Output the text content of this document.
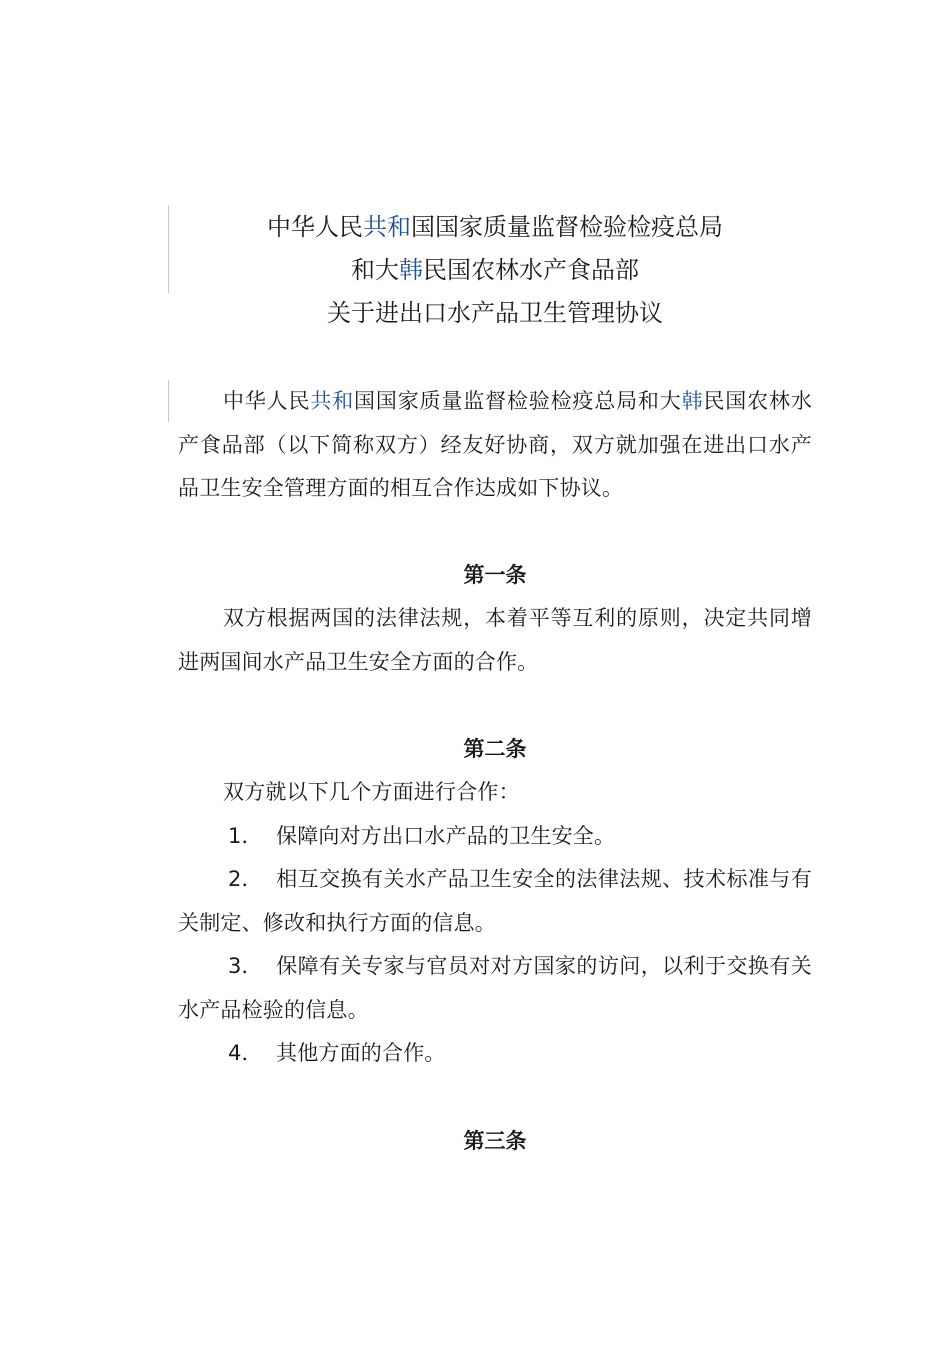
中华人民共和国国家质量监督检验检疫总局
和大韩民国农林水产食品部
关于进出口水产品卫生管理协议

中华人民共和国国家质量监督检验检疫总局和大韩民国农林水产食品部（以下简称双方）经友好协商，双方就加强在进出口水产品卫生安全管理方面的相互合作达成如下协议。

第一条

双方根据两国的法律法规，本着平等互利的原则，决定共同增进两国间水产品卫生安全方面的合作。

第二条

双方就以下几个方面进行合作：

1． 保障向对方出口水产品的卫生安全。

2． 相互交换有关水产品卫生安全的法律法规、技术标准与有关制定、修改和执行方面的信息。

3． 保障有关专家与官员对对方国家的访问，以利于交换有关水产品检验的信息。

4． 其他方面的合作。

第三条
